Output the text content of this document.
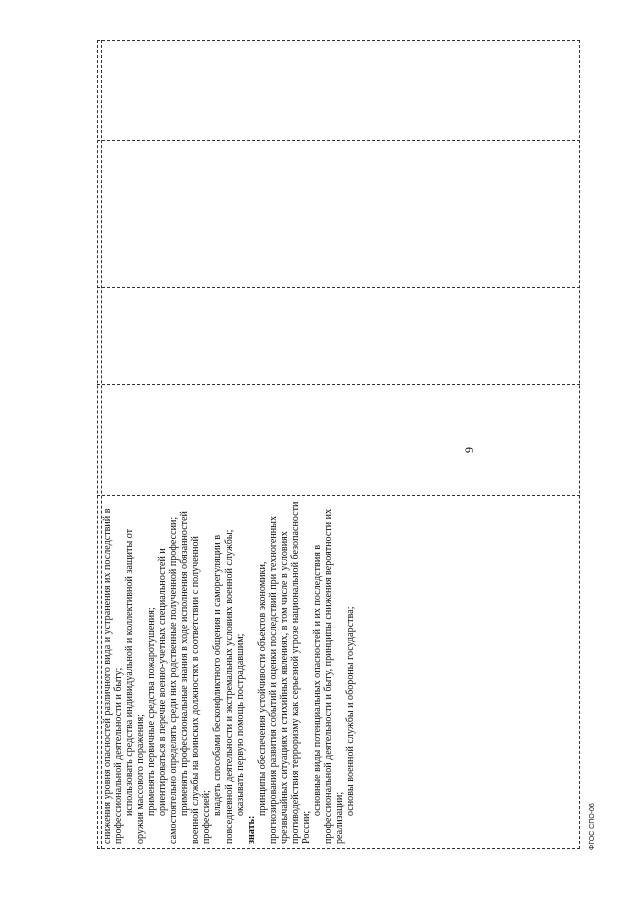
9

снижения уровня опасностей различного вида и устранения их последствий в профессиональной деятельности и быту; использовать средства индивидуальной и коллективной защиты от оружия массового поражения; применять первичные средства пожаротушения; ориентироваться в перечне военно-учетных специальностей и самостоятельно определять среди них родственные полученной профессии; применять профессиональные знания в ходе исполнения обязанностей военной службы на воинских должностях в соответствии с полученной профессией;

владеть способами бесконфликтного общения и саморегуляции в повседневной деятельности и экстремальных условиях военной службы; оказывать первую помощь пострадавшим;

знать:

принципы обеспечения устойчивости объектов экономики, прогнозирования развития событий и оценки последствий при техногенных чрезвычайных ситуациях и стихийных явлениях, в том числе в условиях противодействия терроризму как серьезной угрозе национальной безопасности России;

основные виды потенциальных опасностей и их последствия в профессиональной деятельности и быту, принципы снижения вероятности их реализации;

основы военной службы и обороны государства;

ФГОС СПО-06
